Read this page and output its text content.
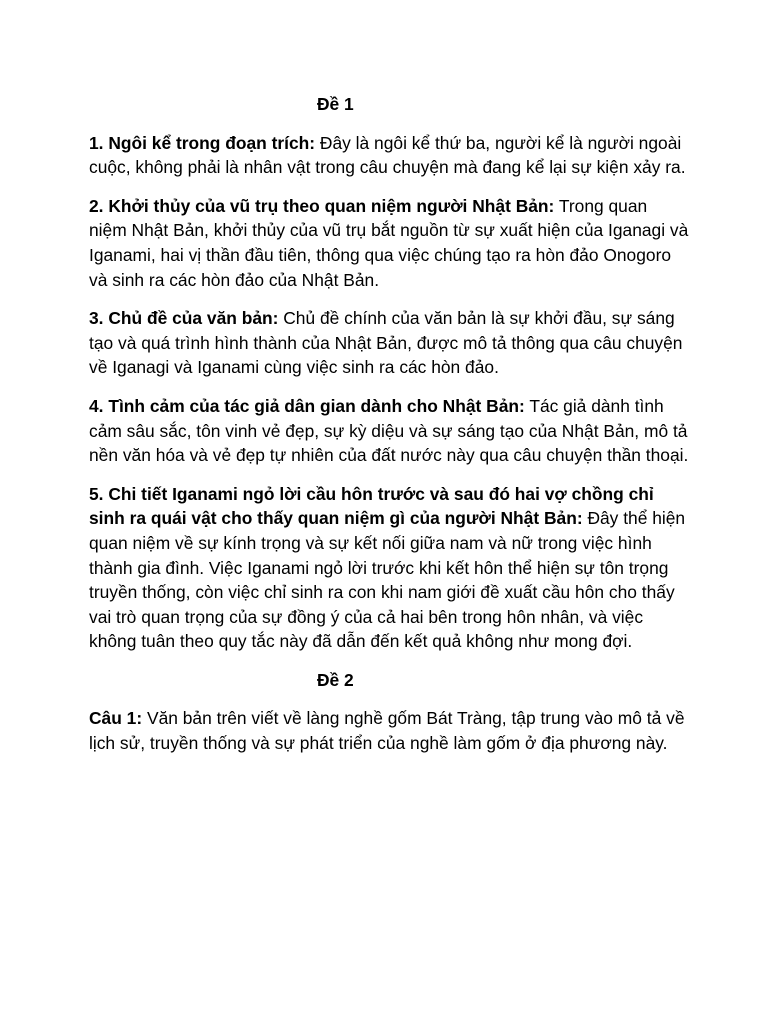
Đề 1

1. Ngôi kể trong đoạn trích: Đây là ngôi kể thứ ba, người kể là người ngoài cuộc, không phải là nhân vật trong câu chuyện mà đang kể lại sự kiện xảy ra.

2. Khởi thủy của vũ trụ theo quan niệm người Nhật Bản: Trong quan niệm Nhật Bản, khởi thủy của vũ trụ bắt nguồn từ sự xuất hiện của Iganagi và Iganami, hai vị thần đầu tiên, thông qua việc chúng tạo ra hòn đảo Onogoro và sinh ra các hòn đảo của Nhật Bản.

3. Chủ đề của văn bản: Chủ đề chính của văn bản là sự khởi đầu, sự sáng tạo và quá trình hình thành của Nhật Bản, được mô tả thông qua câu chuyện về Iganagi và Iganami cùng việc sinh ra các hòn đảo.

4. Tình cảm của tác giả dân gian dành cho Nhật Bản: Tác giả dành tình cảm sâu sắc, tôn vinh vẻ đẹp, sự kỳ diệu và sự sáng tạo của Nhật Bản, mô tả nền văn hóa và vẻ đẹp tự nhiên của đất nước này qua câu chuyện thần thoại.

5. Chi tiết Iganami ngỏ lời cầu hôn trước và sau đó hai vợ chồng chỉ sinh ra quái vật cho thấy quan niệm gì của người Nhật Bản: Đây thể hiện quan niệm về sự kính trọng và sự kết nối giữa nam và nữ trong việc hình thành gia đình. Việc Iganami ngỏ lời trước khi kết hôn thể hiện sự tôn trọng truyền thống, còn việc chỉ sinh ra con khi nam giới đề xuất cầu hôn cho thấy vai trò quan trọng của sự đồng ý của cả hai bên trong hôn nhân, và việc không tuân theo quy tắc này đã dẫn đến kết quả không như mong đợi.

Đề 2

Câu 1: Văn bản trên viết về làng nghề gốm Bát Tràng, tập trung vào mô tả về lịch sử, truyền thống và sự phát triển của nghề làm gốm ở địa phương này.
